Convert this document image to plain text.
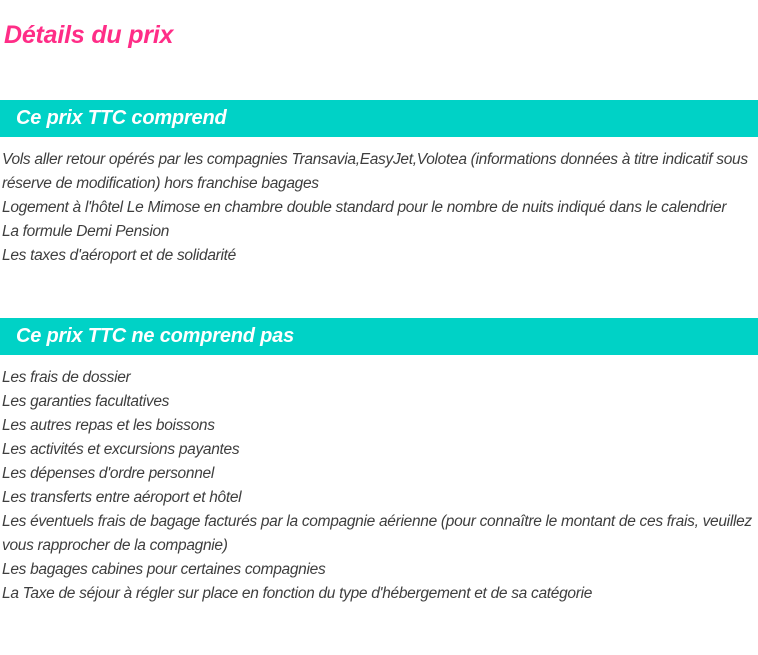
Détails du prix
Ce prix TTC comprend
Vols aller retour opérés par les compagnies Transavia,EasyJet,Volotea (informations données à titre indicatif sous réserve de modification) hors franchise bagages
Logement à l'hôtel Le Mimose en chambre double standard pour le nombre de nuits indiqué dans le calendrier
La formule Demi Pension
Les taxes d'aéroport et de solidarité
Ce prix TTC ne comprend pas
Les frais de dossier
Les garanties facultatives
Les autres repas et les boissons
Les activités et excursions payantes
Les dépenses d'ordre personnel
Les transferts entre aéroport et hôtel
Les éventuels frais de bagage facturés par la compagnie aérienne (pour connaître le montant de ces frais, veuillez vous rapprocher de la compagnie)
Les bagages cabines pour certaines compagnies
La Taxe de séjour à régler sur place en fonction du type d'hébergement et de sa catégorie
